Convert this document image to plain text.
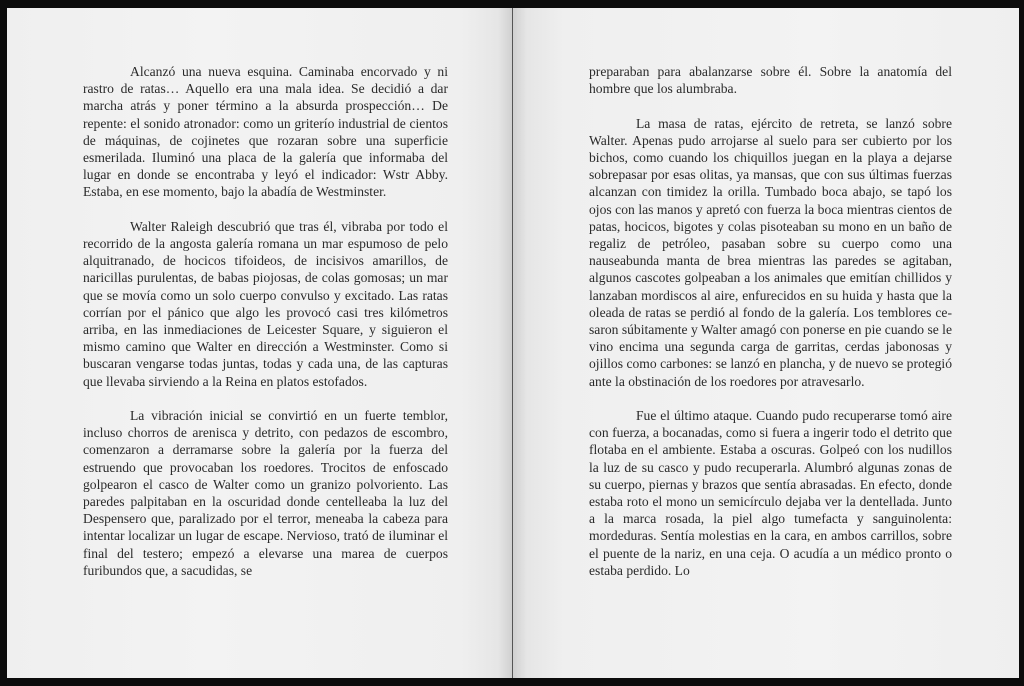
Alcanzó una nueva esquina. Caminaba encorvado y ni rastro de ratas… Aquello era una mala idea. Se decidió a dar marcha atrás y poner término a la absurda prospección… De repente: el sonido atronador: como un griterío industrial de cientos de máquinas, de cojinetes que rozaran sobre una superficie esmerilada. Iluminó una placa de la galería que informaba del lugar en donde se encontraba y leyó el indicador: Wstr Abby. Estaba, en ese momento, bajo la abadía de Westminster.

Walter Raleigh descubrió que tras él, vibraba por todo el recorrido de la angosta galería romana un mar espumoso de pelo alquitranado, de hocicos tifoideos, de incisivos amarillos, de naricillas purulentas, de babas piojosas, de colas gomosas; un mar que se movía como un solo cuerpo convulso y excitado. Las ratas corrían por el pánico que algo les provocó casi tres kilómetros arriba, en las inmediaciones de Leicester Square, y siguieron el mismo camino que Walter en dirección a Westminster. Como si buscaran vengarse todas juntas, todas y cada una, de las capturas que llevaba sirviendo a la Reina en platos estofados.

La vibración inicial se convirtió en un fuerte temblor, incluso chorros de arenisca y detrito, con pedazos de escombro, comenzaron a derramarse sobre la galería por la fuerza del estruendo que provocaban los roedores. Trocitos de enfoscado golpearon el casco de Walter como un granizo polvoriento. Las paredes palpitaban en la oscuridad donde centelleaba la luz del Despensero que, paralizado por el terror, meneaba la cabeza para intentar localizar un lugar de escape. Nervioso, trató de iluminar el final del testero; empezó a elevarse una marea de cuerpos furibundos que, a sacudidas, se

preparaban para abalanzarse sobre él. Sobre la anatomía del hombre que los alumbraba.

La masa de ratas, ejército de retreta, se lanzó sobre Walter. Apenas pudo arrojarse al suelo para ser cubierto por los bichos, como cuando los chiquillos juegan en la playa a dejarse sobrepasar por esas olitas, ya mansas, que con sus últimas fuerzas alcanzan con timidez la orilla. Tumbado boca abajo, se tapó los ojos con las manos y apretó con fuerza la boca mientras cientos de patas, hocicos, bigotes y colas pisoteaban su mono en un baño de regaliz de petróleo, pasaban sobre su cuerpo como una nauseabunda manta de brea mientras las paredes se agitaban, algunos cascotes golpeaban a los animales que emitían chillidos y lanzaban mordiscos al aire, enfurecidos en su huida y hasta que la oleada de ratas se perdió al fondo de la galería. Los temblores cesaron súbitamente y Walter amagó con ponerse en pie cuando se le vino encima una segunda carga de garritas, cerdas jabonosas y ojillos como carbones: se lanzó en plancha, y de nuevo se protegió ante la obstinación de los roedores por atravesarlo.

Fue el último ataque. Cuando pudo recuperarse tomó aire con fuerza, a bocanadas, como si fuera a ingerir todo el detrito que flotaba en el ambiente. Estaba a oscuras. Golpeó con los nudillos la luz de su casco y pudo recuperarla. Alumbró algunas zonas de su cuerpo, piernas y brazos que sentía abrasadas. En efecto, donde estaba roto el mono un semicírculo dejaba ver la dentellada. Junto a la marca rosada, la piel algo tumefacta y sanguinolenta: mordeduras. Sentía molestias en la cara, en ambos carrillos, sobre el puente de la nariz, en una ceja. O acudía a un médico pronto o estaba perdido. Lo
